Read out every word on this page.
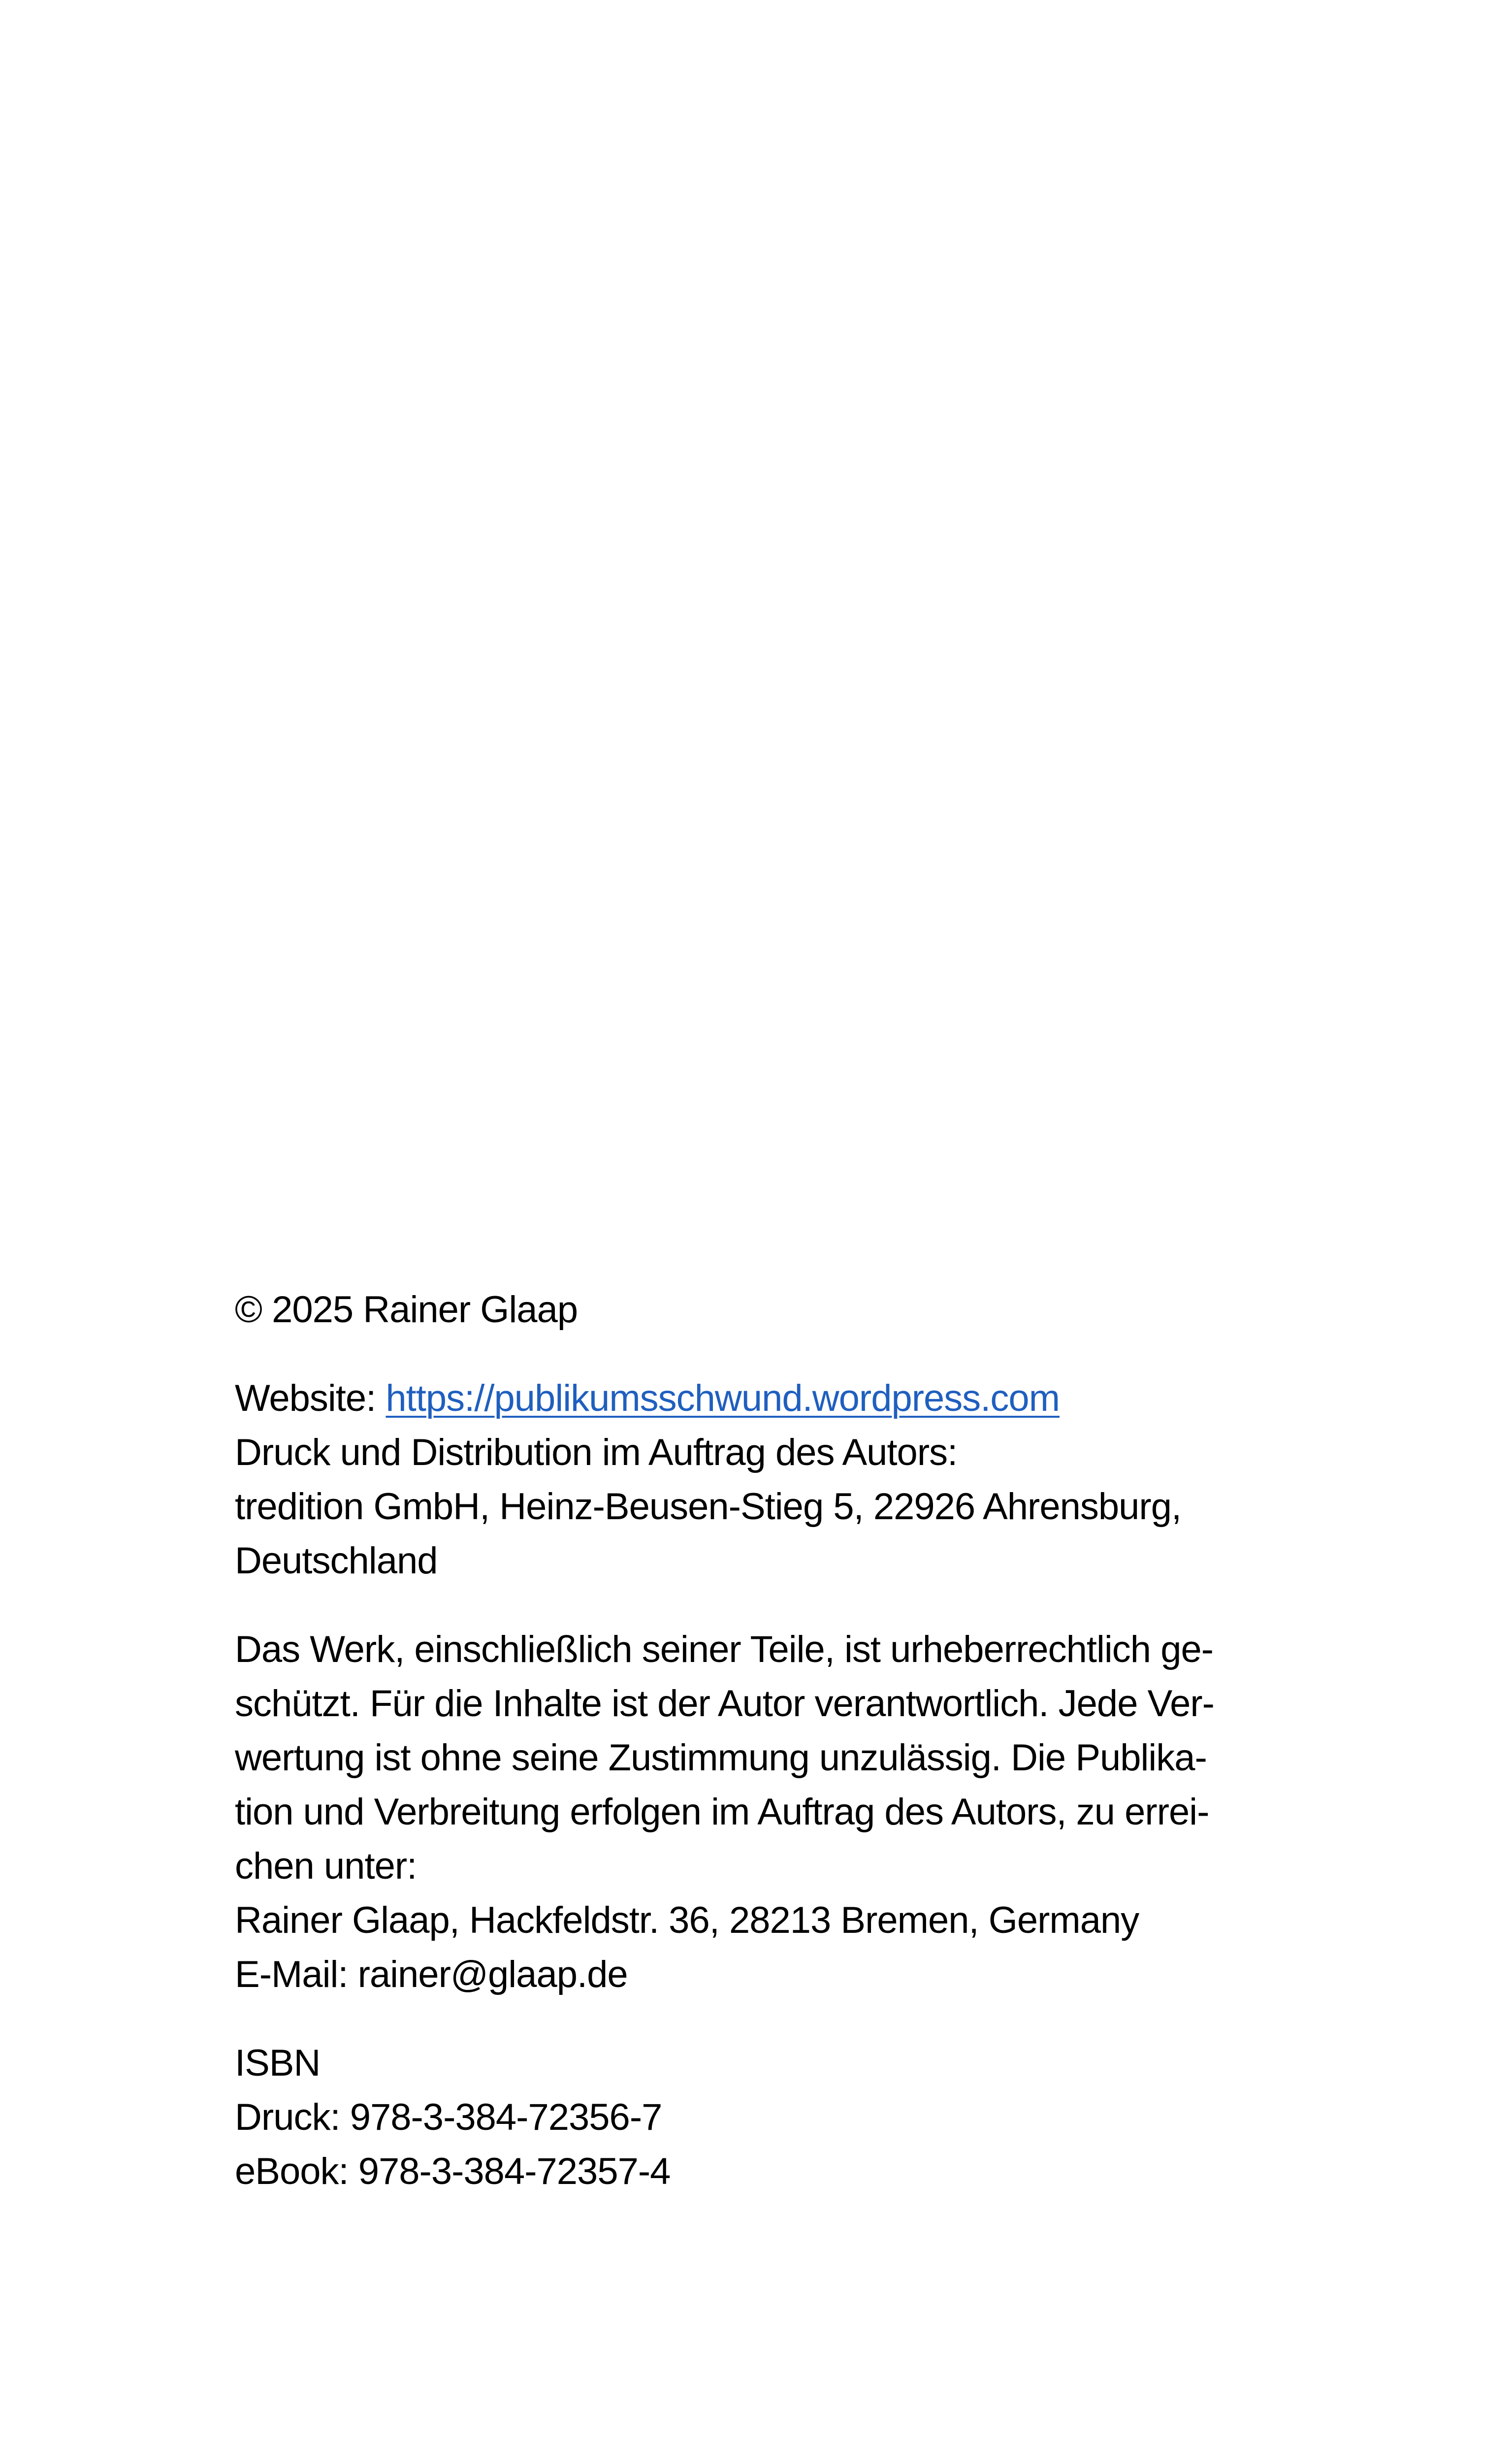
© 2025 Rainer Glaap

Website: https://publikumsschwund.wordpress.com
Druck und Distribution im Auftrag des Autors:
tredition GmbH, Heinz-Beusen-Stieg 5, 22926 Ahrensburg,
Deutschland
Das Werk, einschließlich seiner Teile, ist urheberrechtlich ge-
schützt. Für die Inhalte ist der Autor verantwortlich. Jede Ver-
wertung ist ohne seine Zustimmung unzulässig. Die Publika-
tion und Verbreitung erfolgen im Auftrag des Autors, zu errei-
chen unter:
Rainer Glaap, Hackfeldstr. 36, 28213 Bremen, Germany
E-Mail: rainer@glaap.de
ISBN
Druck: 978-3-384-72356-7
eBook: 978-3-384-72357-4
